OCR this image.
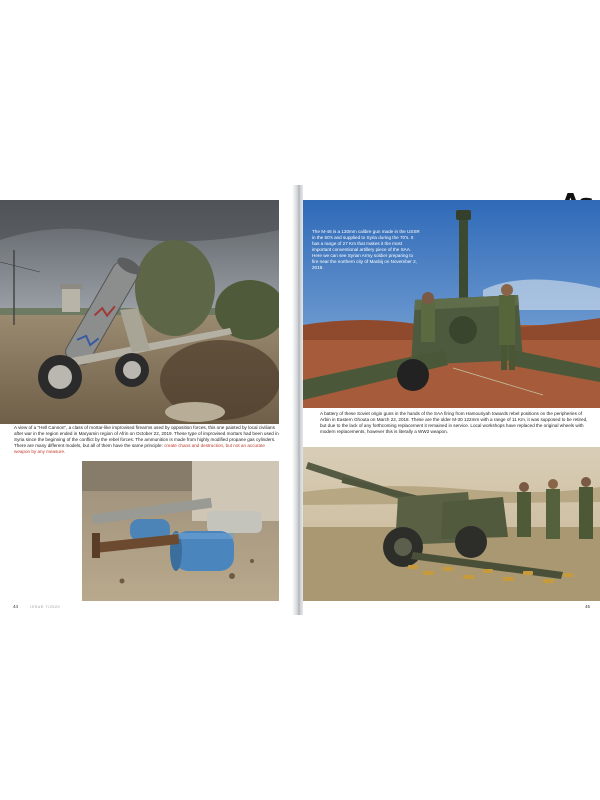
A view of a "Hell Cannon", a class of mortar-like improvised firearms used by opposition forces, this one painted by local civilians after war in the region ended in Maryamin region of Afrin on October 22, 2019. These type of improvised mortars had been used in Syria since the beginning of the conflict by the rebel forces. The ammunition is made from highly modified propane gas cylinders. There are many different models, but all of them have the same principle: create chaos and destruction, but not an accurate weapon by any measure.
44	ISSUE 7/2020
The M-46 is a 130mm calibre gun made in the USSR in the 50's and supplied to Syria during the 70's. It has a range of 27 Km that makes it the most important conventional artillery piece of the SAA. Here we can see Syrian Army soldier preparing to fire near the northern city of Manbij on November 2, 2019.
A battery of these Soviet origin guns in the hands of the SAA firing from Hamouriyah towards rebel positions on the peripheries of Arbin in Eastern Ghouta on March 22, 2018. These are the older M-30 122mm with a range of 11 Km, it was supposed to be retired, but due to the lack of any forthcoming replacement it remained in service. Local workshops have replaced the original wheels with modern replacements, however this is literally a WW2 weapon.
45
